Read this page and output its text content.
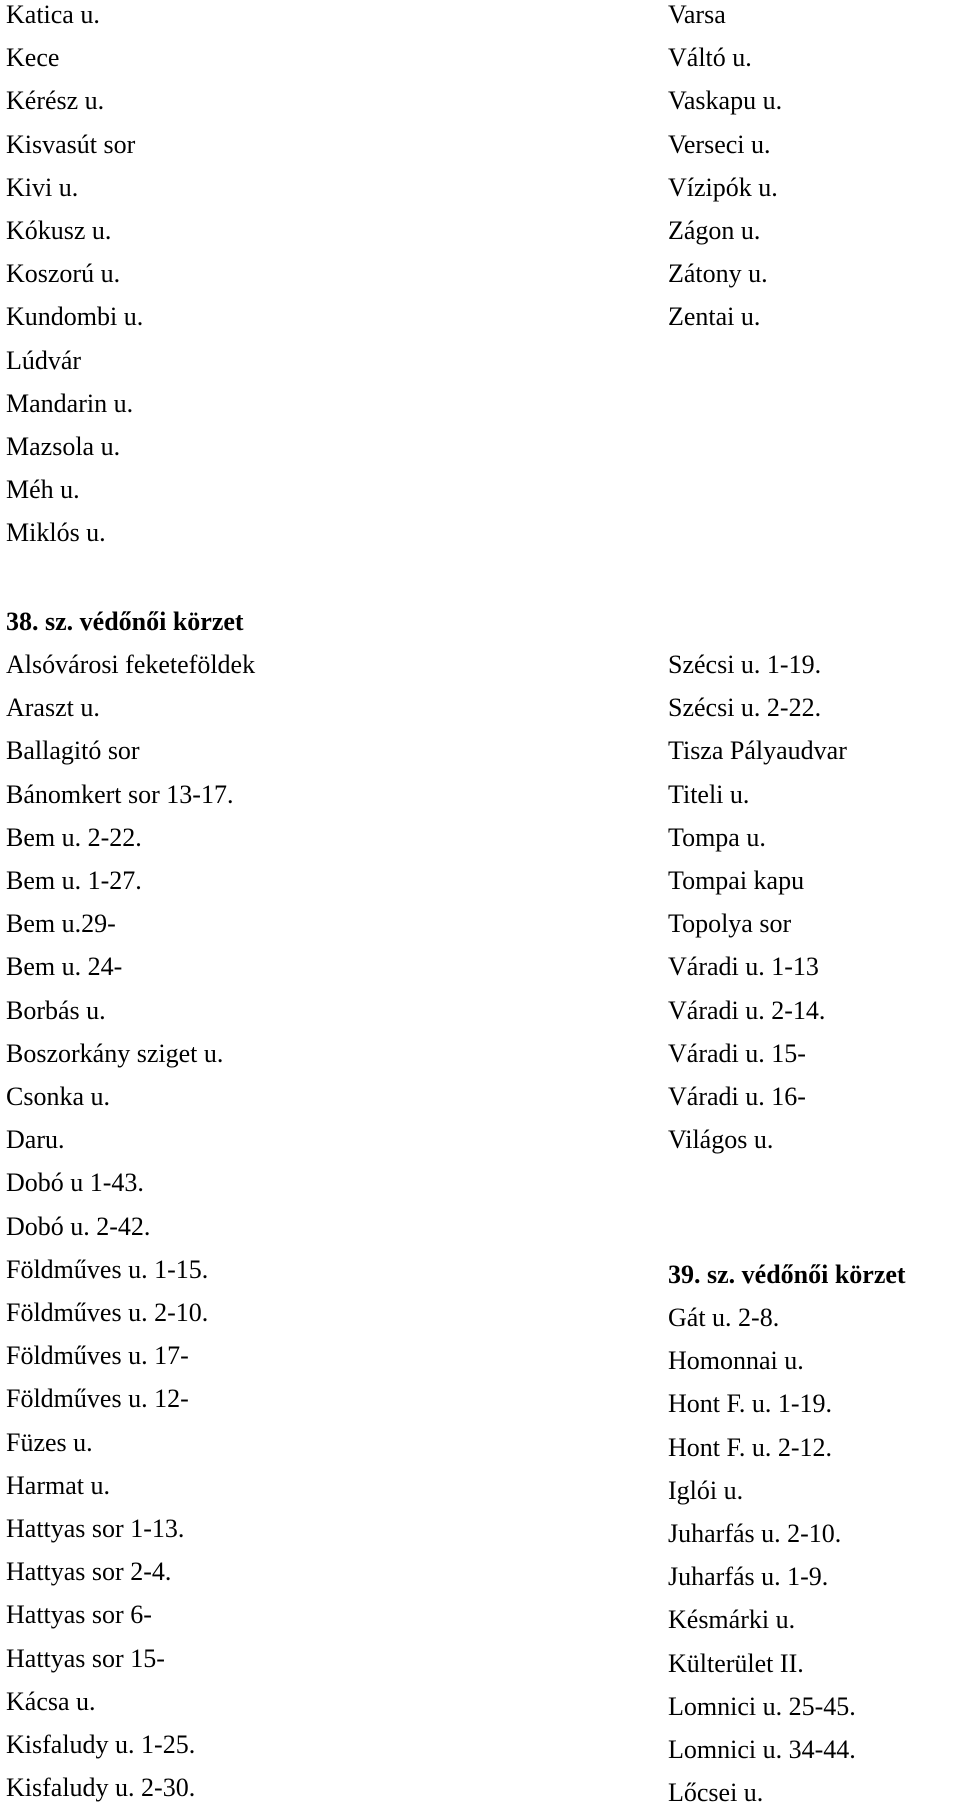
Katica u.
Kece
Kérész u.
Kisvasút sor
Kivi u.
Kókusz u.
Koszorú u.
Kundombi u.
Lúdvár
Mandarin u.
Mazsola u.
Méh u.
Miklós u.
Varsa
Váltó u.
Vaskapu u.
Verseci u.
Vízipók u.
Zágon u.
Zátony u.
Zentai u.
38. sz. védőnői körzet
Alsóvárosi feketeföldek
Araszt u.
Ballagitó sor
Bánomkert sor 13-17.
Bem u. 2-22.
Bem u. 1-27.
Bem u.29-
Bem u. 24-
Borbás u.
Boszorkány sziget u.
Csonka u.
Daru.
Dobó u 1-43.
Dobó u. 2-42.
Földműves u. 1-15.
Földműves u. 2-10.
Földműves u. 17-
Földműves u. 12-
Füzes u.
Harmat u.
Hattyas sor 1-13.
Hattyas sor 2-4.
Hattyas sor 6-
Hattyas sor 15-
Kácsa u.
Kisfaludy u. 1-25.
Kisfaludy u. 2-30.
Szécsi u. 1-19.
Szécsi u. 2-22.
Tisza Pályaudvar
Titeli u.
Tompa u.
Tompai kapu
Topolya sor
Váradi u. 1-13
Váradi u. 2-14.
Váradi u. 15-
Váradi u. 16-
Világos u.
39. sz. védőnői körzet
Gát u. 2-8.
Homonnai u.
Hont F. u. 1-19.
Hont F. u. 2-12.
Iglói u.
Juharfás u. 2-10.
Juharfás u. 1-9.
Késmárki u.
Külterület II.
Lomnici u. 25-45.
Lomnici u. 34-44.
Lőcsei u.
